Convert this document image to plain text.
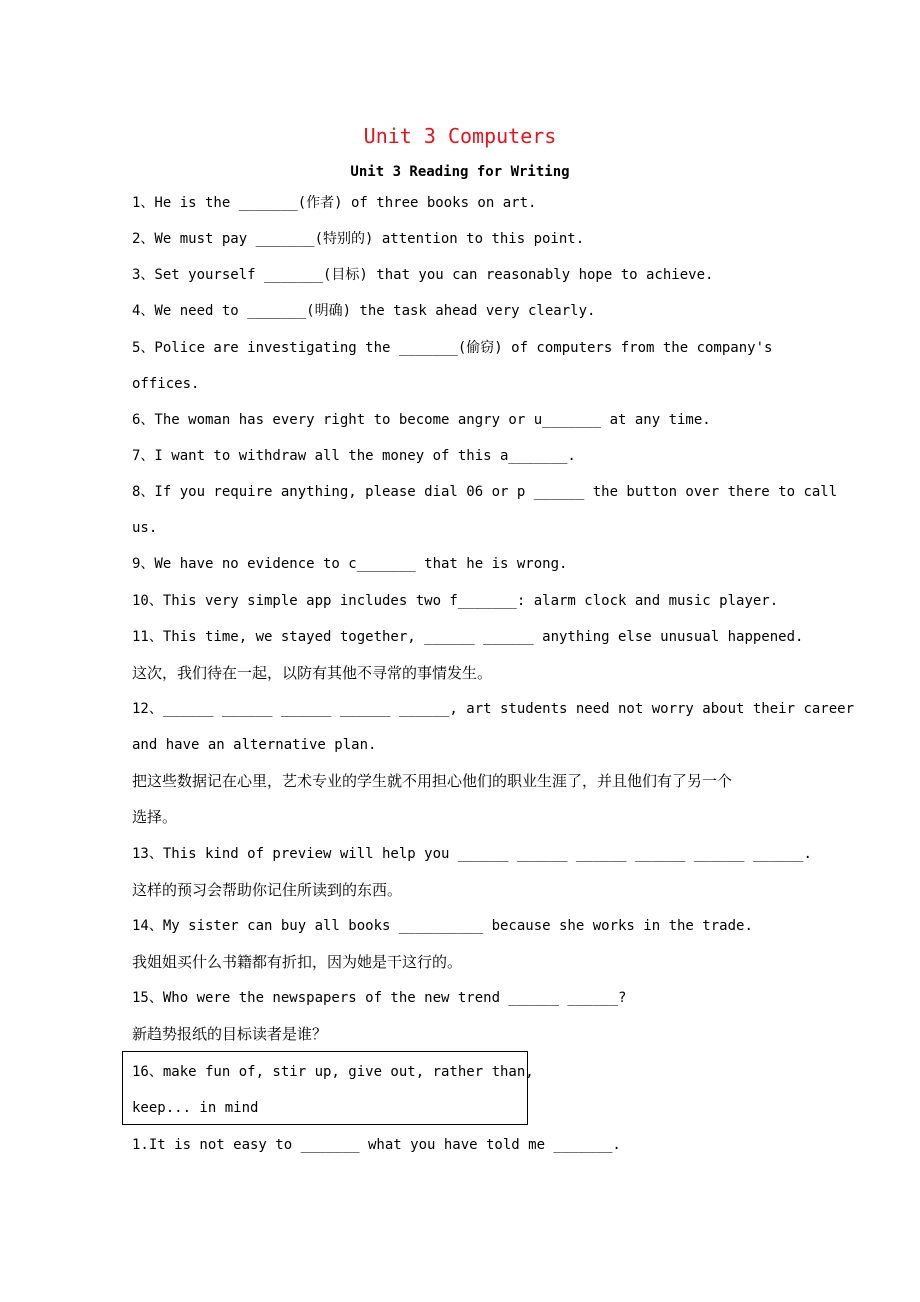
Unit 3 Computers
Unit 3 Reading for Writing
1、He is the _______(作者) of three books on art.
2、We must pay _______(特别的) attention to this point.
3、Set yourself _______(目标) that you can reasonably hope to achieve.
4、We need to _______(明确) the task ahead very clearly.
5、Police are investigating the _______(偷窃) of computers from the company's
offices.
6、The woman has every right to become angry or u_______ at any time.
7、I want to withdraw all the money of this a_______.
8、If you require anything, please dial 06 or p ______ the button over there to call
us.
9、We have no evidence to c_______ that he is wrong.
10、This very simple app includes two f_______: alarm clock and music player.
11、This time, we stayed together, ______ ______ anything else unusual happened.
这次，我们待在一起，以防有其他不寻常的事情发生。
12、______ ______ ______ ______ ______, art students need not worry about their career
and have an alternative plan.
把这些数据记在心里，艺术专业的学生就不用担心他们的职业生涯了，并且他们有了另一个
选择。
13、This kind of preview will help you ______ ______ ______ ______ ______ ______.
这样的预习会帮助你记住所读到的东西。
14、My sister can buy all books __________ because she works in the trade.
我姐姐买什么书籍都有折扣，因为她是干这行的。
15、Who were the newspapers of the new trend ______ ______?
新趋势报纸的目标读者是谁？
16、make fun of, stir up, give out, rather than,
keep... in mind
1.It is not easy to _______ what you have told me _______.
